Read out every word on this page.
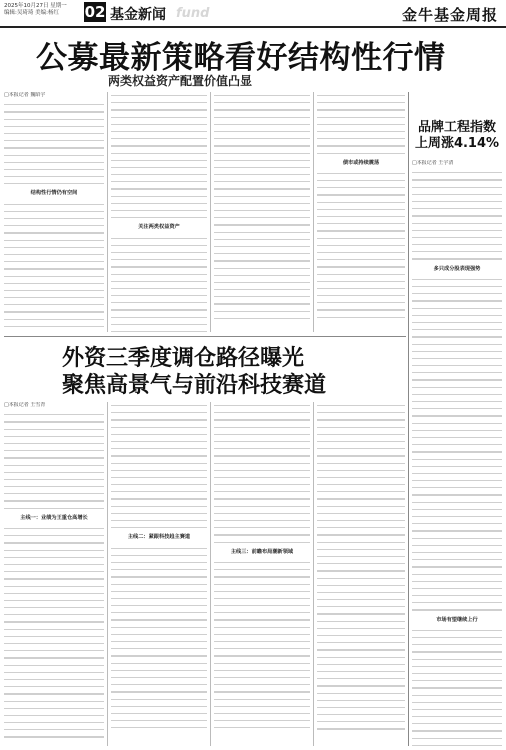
2025年10月27日 星期一
编辑:吴琦琦 美编:杨红	02 基金新闻 fund	金牛基金周报
公募最新策略看好结构性行情
两类权益资产配置价值凸显
□本报记者 魏昭宇
结构性行情仍有空间
关注两类权益资产
债市或持续震荡
外资三季度调仓路径曝光
聚焦高景气与前沿科技赛道
□本报记者 王雪青
主线一：业绩为王重仓高增长
主线二：紧跟科技趋主赛道
主线三：前瞻布局潮新领域
品牌工程指数上周涨4.14%
□本报记者 王宇清
多只成分股表现强势
市场有望继续上行
